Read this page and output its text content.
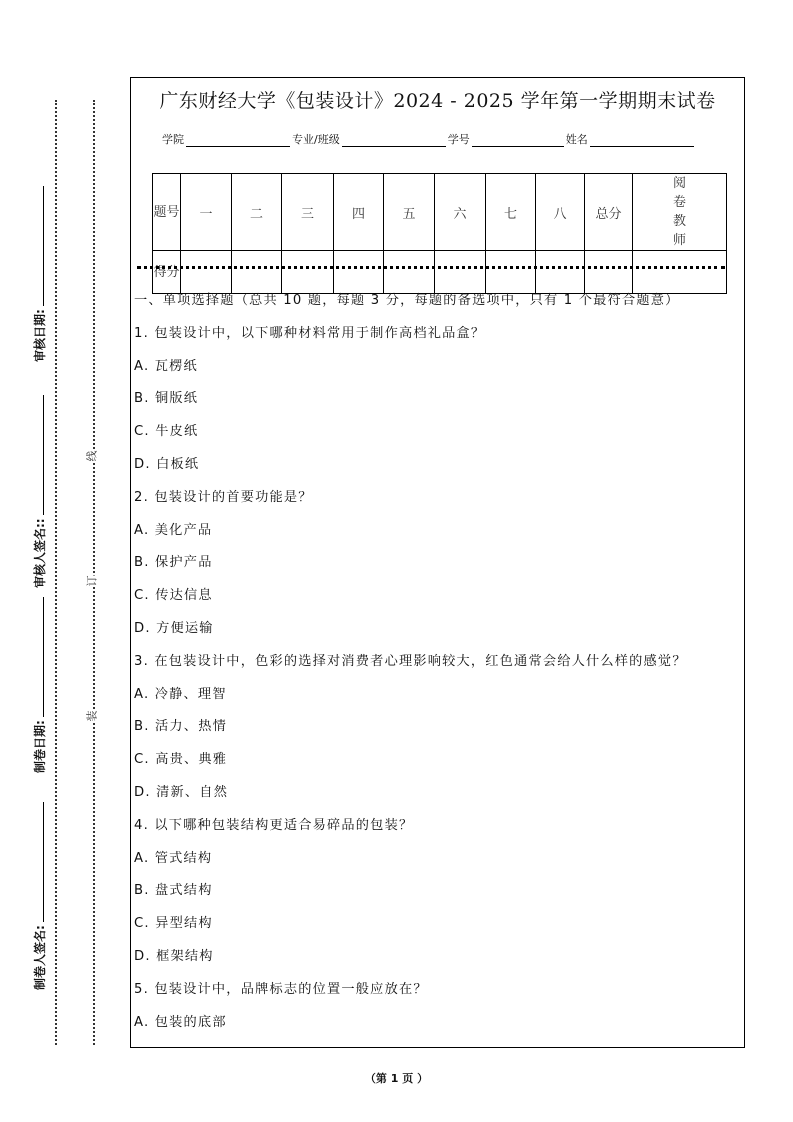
线
订
装
审核日期:
审核人签名::
制卷日期:
制卷人签名:
广东财经大学《包装设计》2024 - 2025 学年第一学期期末试卷
学院	专业/班级	学号	姓名
题号	一	二	三	四	五	六	七	八	总分	阅卷教师
得分										
一、单项选择题（总共 10 题，每题 3 分，每题的备选项中，只有 1 个最符合题意）
1. 包装设计中，以下哪种材料常用于制作高档礼品盒？
A. 瓦楞纸
B. 铜版纸
C. 牛皮纸
D. 白板纸
2. 包装设计的首要功能是？
A. 美化产品
B. 保护产品
C. 传达信息
D. 方便运输
3. 在包装设计中，色彩的选择对消费者心理影响较大，红色通常会给人什么样的感觉？
A. 冷静、理智
B. 活力、热情
C. 高贵、典雅
D. 清新、自然
4. 以下哪种包装结构更适合易碎品的包装？
A. 管式结构
B. 盘式结构
C. 异型结构
D. 框架结构
5. 包装设计中，品牌标志的位置一般应放在？
A. 包装的底部
（第 1 页 ）
